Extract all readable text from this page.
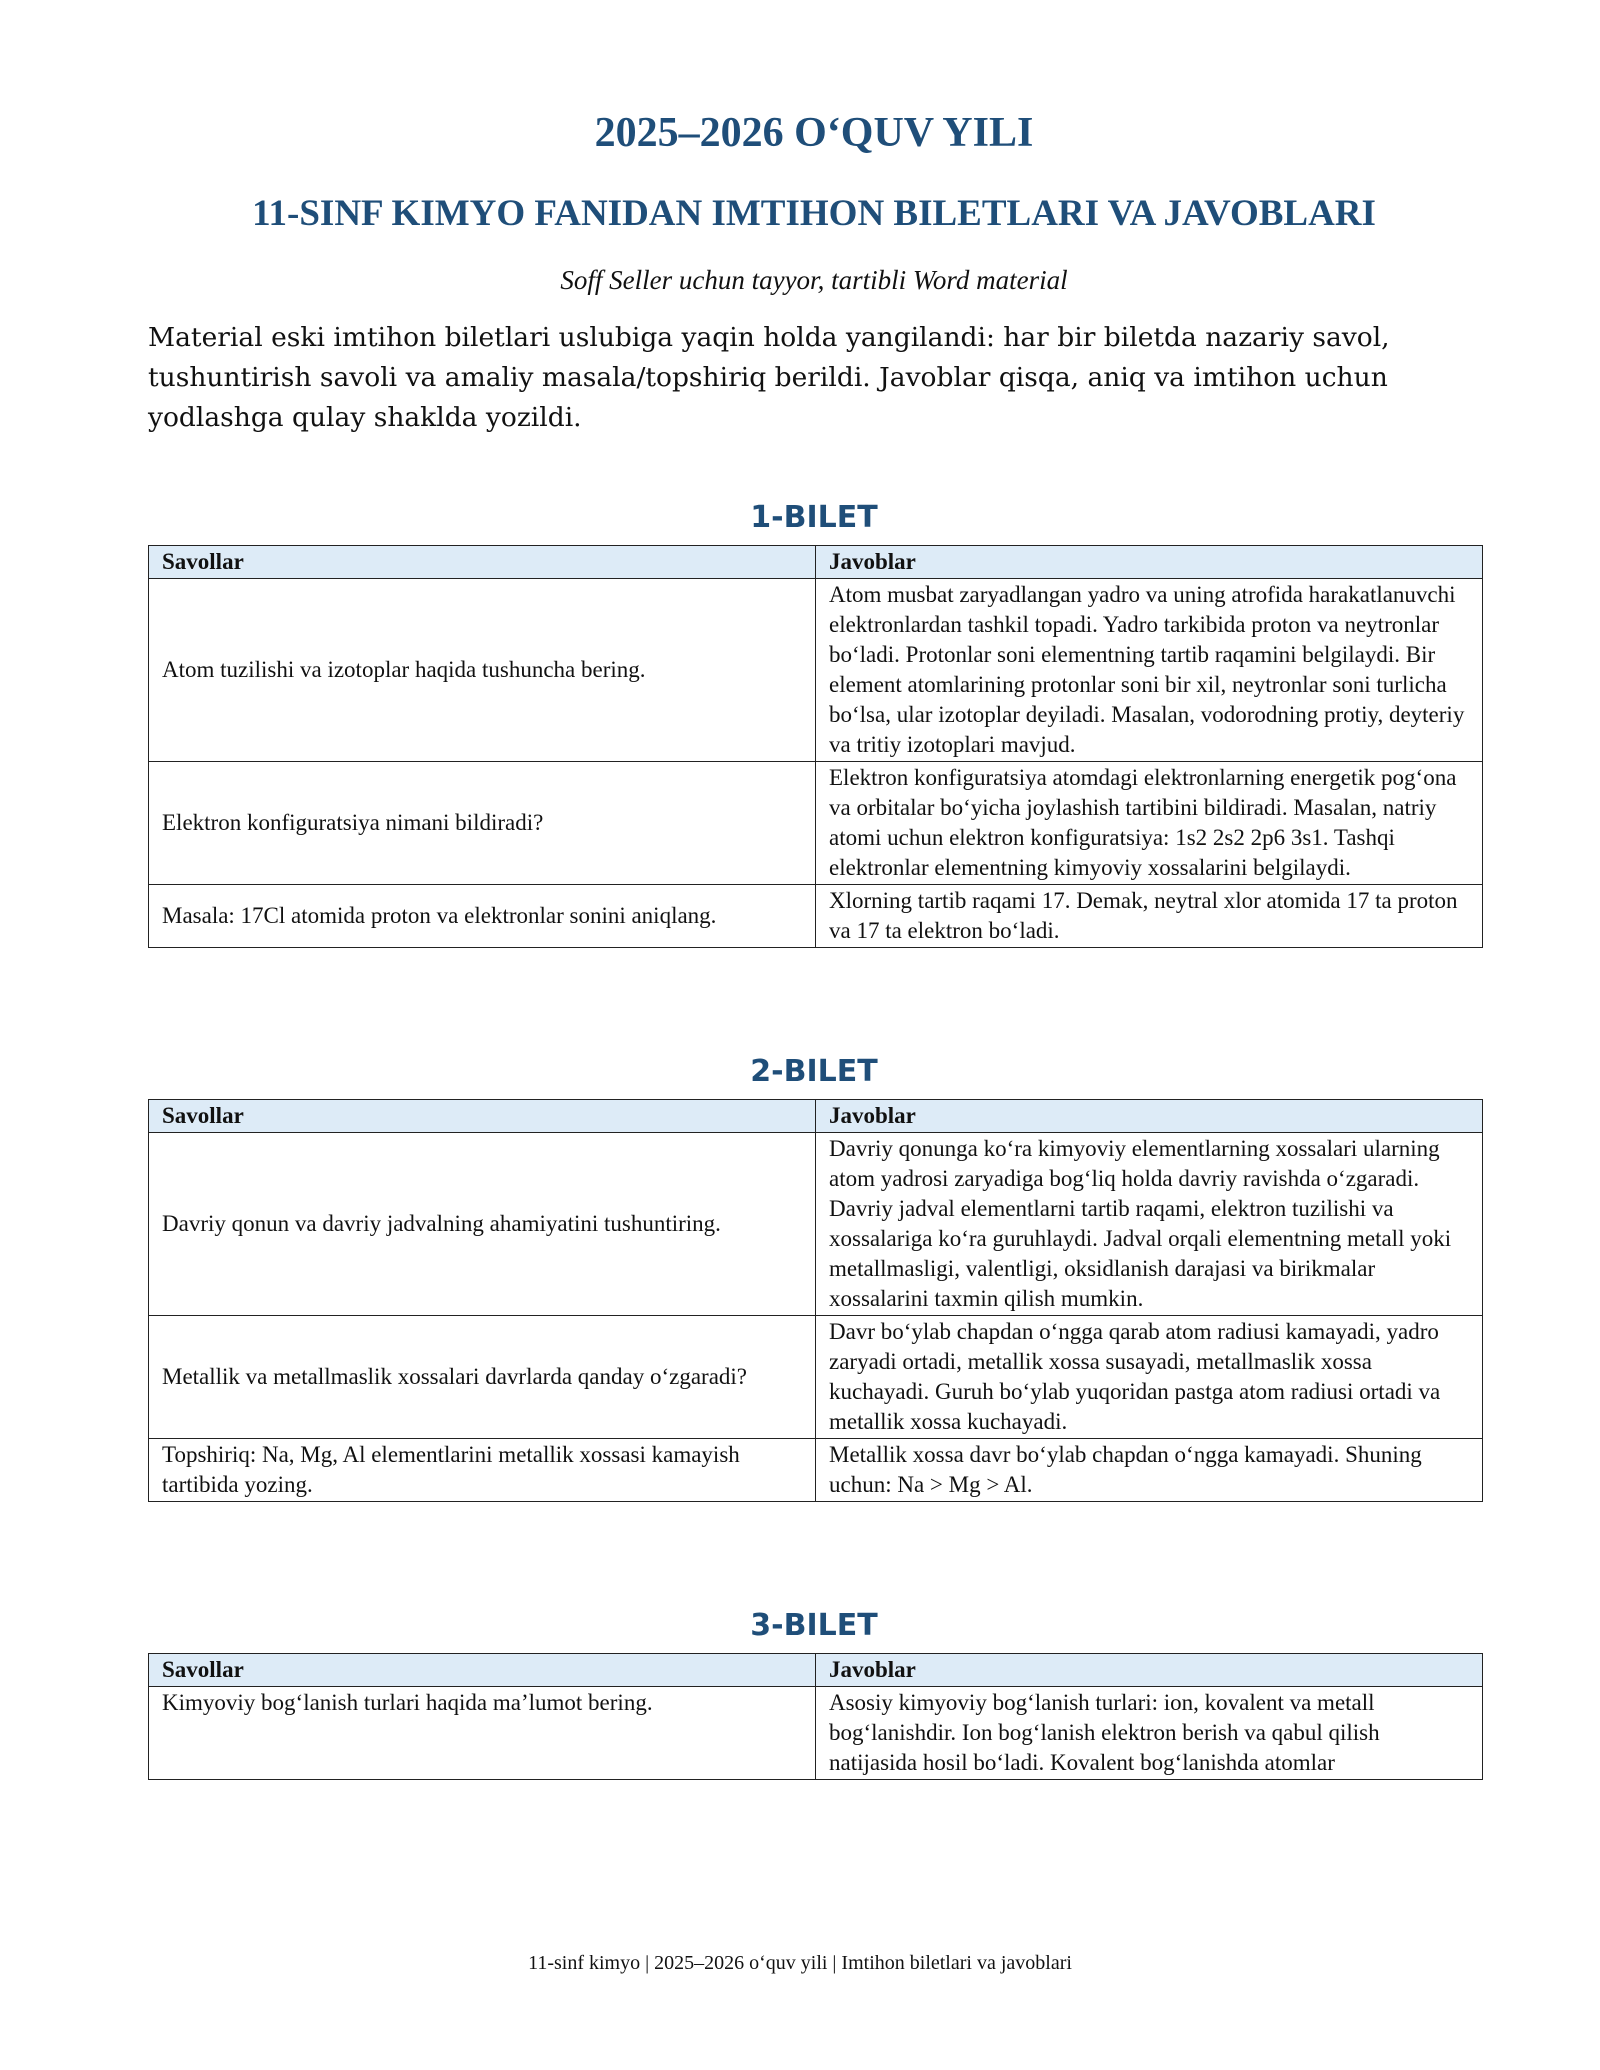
2025–2026 O‘QUV YILI
11-SINF KIMYO FANIDAN IMTIHON BILETLARI VA JAVOBLARI

Soff Seller uchun tayyor, tartibli Word material

Material eski imtihon biletlari uslubiga yaqin holda yangilandi: har bir biletda nazariy savol, tushuntirish savoli va amaliy masala/topshiriq berildi. Javoblar qisqa, aniq va imtihon uchun yodlashga qulay shaklda yozildi.

1-BILET
Savollar	Javoblar
Atom tuzilishi va izotoplar haqida tushuncha bering.	Atom musbat zaryadlangan yadro va uning atrofida harakatlanuvchi elektronlardan tashkil topadi. Yadro tarkibida proton va neytronlar bo‘ladi. Protonlar soni elementning tartib raqamini belgilaydi. Bir element atomlarining protonlar soni bir xil, neytronlar soni turlicha bo‘lsa, ular izotoplar deyiladi. Masalan, vodorodning protiy, deyteriy va tritiy izotoplari mavjud.
Elektron konfiguratsiya nimani bildiradi?	Elektron konfiguratsiya atomdagi elektronlarning energetik pog‘ona va orbitalar bo‘yicha joylashish tartibini bildiradi. Masalan, natriy atomi uchun elektron konfiguratsiya: 1s2 2s2 2p6 3s1. Tashqi elektronlar elementning kimyoviy xossalarini belgilaydi.
Masala: 17Cl atomida proton va elektronlar sonini aniqlang.	Xlorning tartib raqami 17. Demak, neytral xlor atomida 17 ta proton va 17 ta elektron bo‘ladi.
2-BILET
Savollar	Javoblar
Davriy qonun va davriy jadvalning ahamiyatini tushuntiring.	Davriy qonunga ko‘ra kimyoviy elementlarning xossalari ularning atom yadrosi zaryadiga bog‘liq holda davriy ravishda o‘zgaradi. Davriy jadval elementlarni tartib raqami, elektron tuzilishi va xossalariga ko‘ra guruhlaydi. Jadval orqali elementning metall yoki metallmasligi, valentligi, oksidlanish darajasi va birikmalar xossalarini taxmin qilish mumkin.
Metallik va metallmaslik xossalari davrlarda qanday o‘zgaradi?	Davr bo‘ylab chapdan o‘ngga qarab atom radiusi kamayadi, yadro zaryadi ortadi, metallik xossa susayadi, metallmaslik xossa kuchayadi. Guruh bo‘ylab yuqoridan pastga atom radiusi ortadi va metallik xossa kuchayadi.
Topshiriq: Na, Mg, Al elementlarini metallik xossasi kamayish tartibida yozing.	Metallik xossa davr bo‘ylab chapdan o‘ngga kamayadi. Shuning uchun: Na > Mg > Al.
3-BILET
Savollar	Javoblar
Kimyoviy bog‘lanish turlari haqida ma’lumot bering.	Asosiy kimyoviy bog‘lanish turlari: ion, kovalent va metall bog‘lanishdir. Ion bog‘lanish elektron berish va qabul qilish natijasida hosil bo‘ladi. Kovalent bog‘lanishda atomlar
11-sinf kimyo | 2025–2026 o‘quv yili | Imtihon biletlari va javoblari
